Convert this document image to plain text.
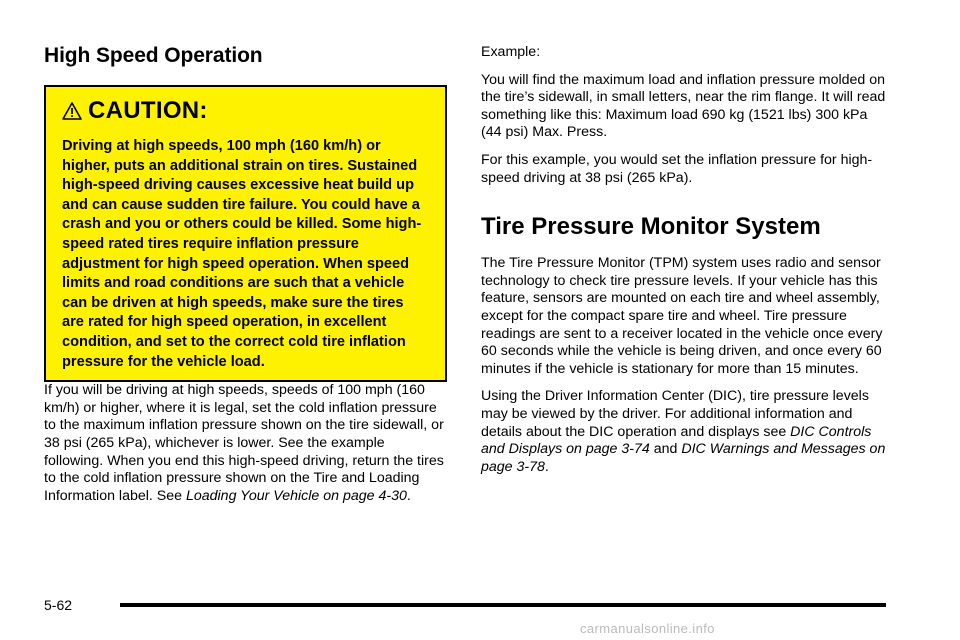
High Speed Operation
CAUTION:

Driving at high speeds, 100 mph (160 km/h) or higher, puts an additional strain on tires. Sustained high-speed driving causes excessive heat build up and can cause sudden tire failure. You could have a crash and you or others could be killed. Some high-speed rated tires require inflation pressure adjustment for high speed operation. When speed limits and road conditions are such that a vehicle can be driven at high speeds, make sure the tires are rated for high speed operation, in excellent condition, and set to the correct cold tire inflation pressure for the vehicle load.

If you will be driving at high speeds, speeds of 100 mph (160 km/h) or higher, where it is legal, set the cold inflation pressure to the maximum inflation pressure shown on the tire sidewall, or 38 psi (265 kPa), whichever is lower. See the example following. When you end this high-speed driving, return the tires to the cold inflation pressure shown on the Tire and Loading Information label. See Loading Your Vehicle on page 4-30.

Example:

You will find the maximum load and inflation pressure molded on the tire’s sidewall, in small letters, near the rim flange. It will read something like this: Maximum load 690 kg (1521 lbs) 300 kPa (44 psi) Max. Press.

For this example, you would set the inflation pressure for high-speed driving at 38 psi (265 kPa).

Tire Pressure Monitor System

The Tire Pressure Monitor (TPM) system uses radio and sensor technology to check tire pressure levels. If your vehicle has this feature, sensors are mounted on each tire and wheel assembly, except for the compact spare tire and wheel. Tire pressure readings are sent to a receiver located in the vehicle once every 60 seconds while the vehicle is being driven, and once every 60 minutes if the vehicle is stationary for more than 15 minutes.

Using the Driver Information Center (DIC), tire pressure levels may be viewed by the driver. For additional information and details about the DIC operation and displays see DIC Controls and Displays on page 3-74 and DIC Warnings and Messages on page 3-78.

5-62
carmanualsonline.info
